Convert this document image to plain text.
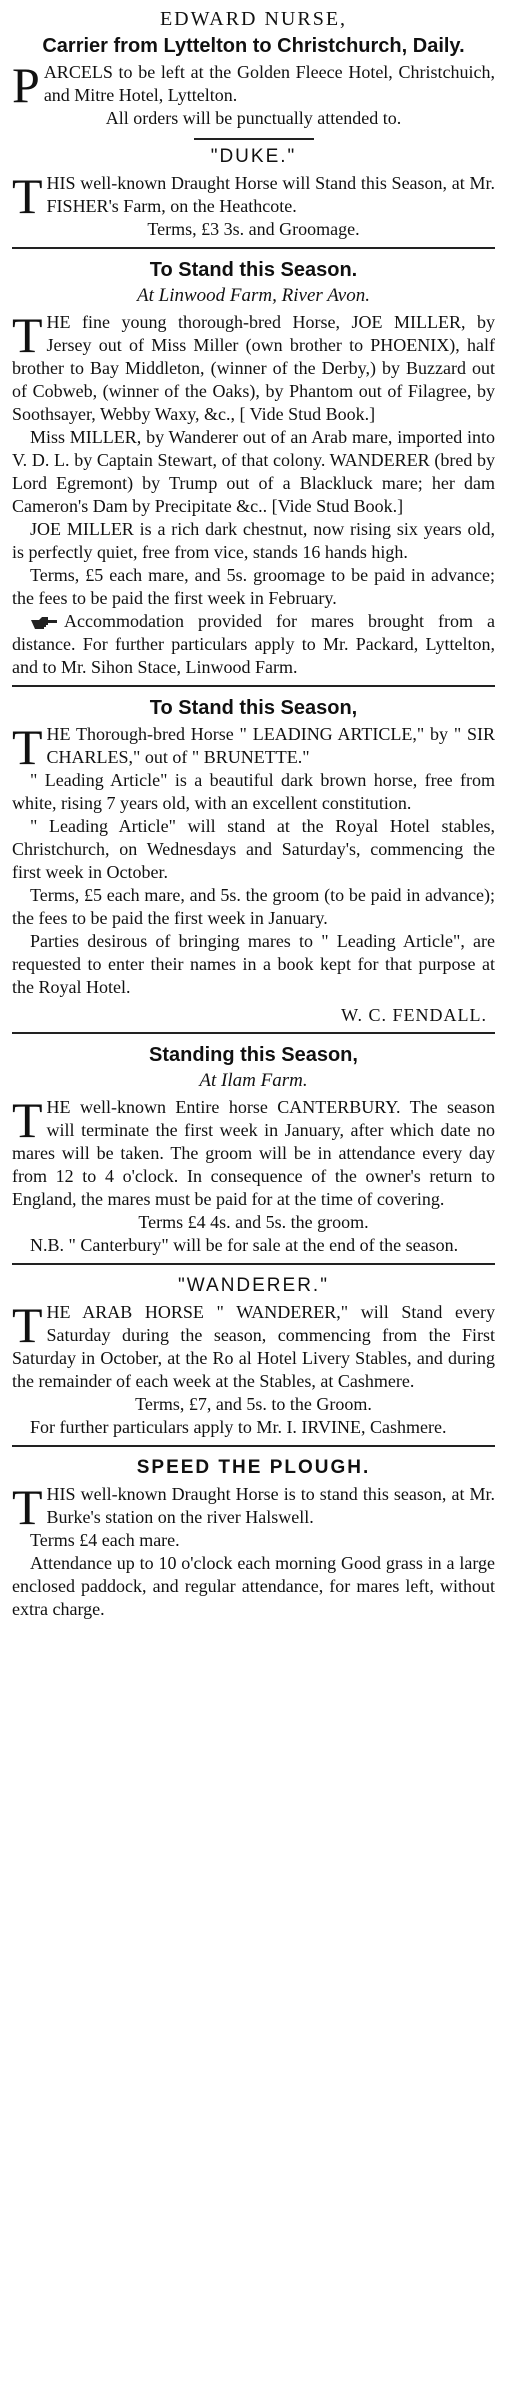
EDWARD NURSE,
Carrier from Lyttelton to Christchurch, Daily.

PARCELS to be left at the Golden Fleece Hotel, Christchuich, and Mitre Hotel, Lyttelton.

All orders will be punctually attended to.

"DUKE."

THIS well-known Draught Horse will Stand this Season, at Mr. FISHER's Farm, on the Heathcote.

Terms, £3 3s. and Groomage.

To Stand this Season.
At Linwood Farm, River Avon.

THE fine young thorough-bred Horse, JOE MILLER, by Jersey out of Miss Miller (own brother to PHOENIX), half brother to Bay Middleton, (winner of the Derby,) by Buzzard out of Cobweb, (winner of the Oaks), by Phantom out of Filagree, by Soothsayer, Webby Waxy, &c., [ Vide Stud Book.]

Miss MILLER, by Wanderer out of an Arab mare, imported into V. D. L. by Captain Stewart, of that colony. WANDERER (bred by Lord Egremont) by Trump out of a Blackluck mare; her dam Cameron's Dam by Precipitate &c.. [Vide Stud Book.]

JOE MILLER is a rich dark chestnut, now rising six years old, is perfectly quiet, free from vice, stands 16 hands high.

Terms, £5 each mare, and 5s. groomage to be paid in advance; the fees to be paid the first week in February.

Accommodation provided for mares brought from a distance. For further particulars apply to Mr. Packard, Lyttelton, and to Mr. Sihon Stace, Linwood Farm.

To Stand this Season,

THE Thorough-bred Horse " LEADING ARTICLE," by " SIR CHARLES," out of " BRUNETTE."

" Leading Article" is a beautiful dark brown horse, free from white, rising 7 years old, with an excellent constitution.

" Leading Article" will stand at the Royal Hotel stables, Christchurch, on Wednesdays and Saturday's, commencing the first week in October.

Terms, £5 each mare, and 5s. the groom (to be paid in advance); the fees to be paid the first week in January.

Parties desirous of bringing mares to " Leading Article", are requested to enter their names in a book kept for that purpose at the Royal Hotel.

W. C. FENDALL.
Standing this Season,
At Ilam Farm.

THE well-known Entire horse CANTERBURY. The season will terminate the first week in January, after which date no mares will be taken. The groom will be in attendance every day from 12 to 4 o'clock. In consequence of the owner's return to England, the mares must be paid for at the time of covering.

Terms £4 4s. and 5s. the groom.

N.B. " Canterbury" will be for sale at the end of the season.

"WANDERER."

THE ARAB HORSE " WANDERER," will Stand every Saturday during the season, commencing from the First Saturday in October, at the Ro al Hotel Livery Stables, and during the remainder of each week at the Stables, at Cashmere.

Terms, £7, and 5s. to the Groom.

For further particulars apply to Mr. I. IRVINE, Cashmere.

SPEED THE PLOUGH.

THIS well-known Draught Horse is to stand this season, at Mr. Burke's station on the river Halswell.

Terms £4 each mare.

Attendance up to 10 o'clock each morning Good grass in a large enclosed paddock, and regular attendance, for mares left, without extra charge.
